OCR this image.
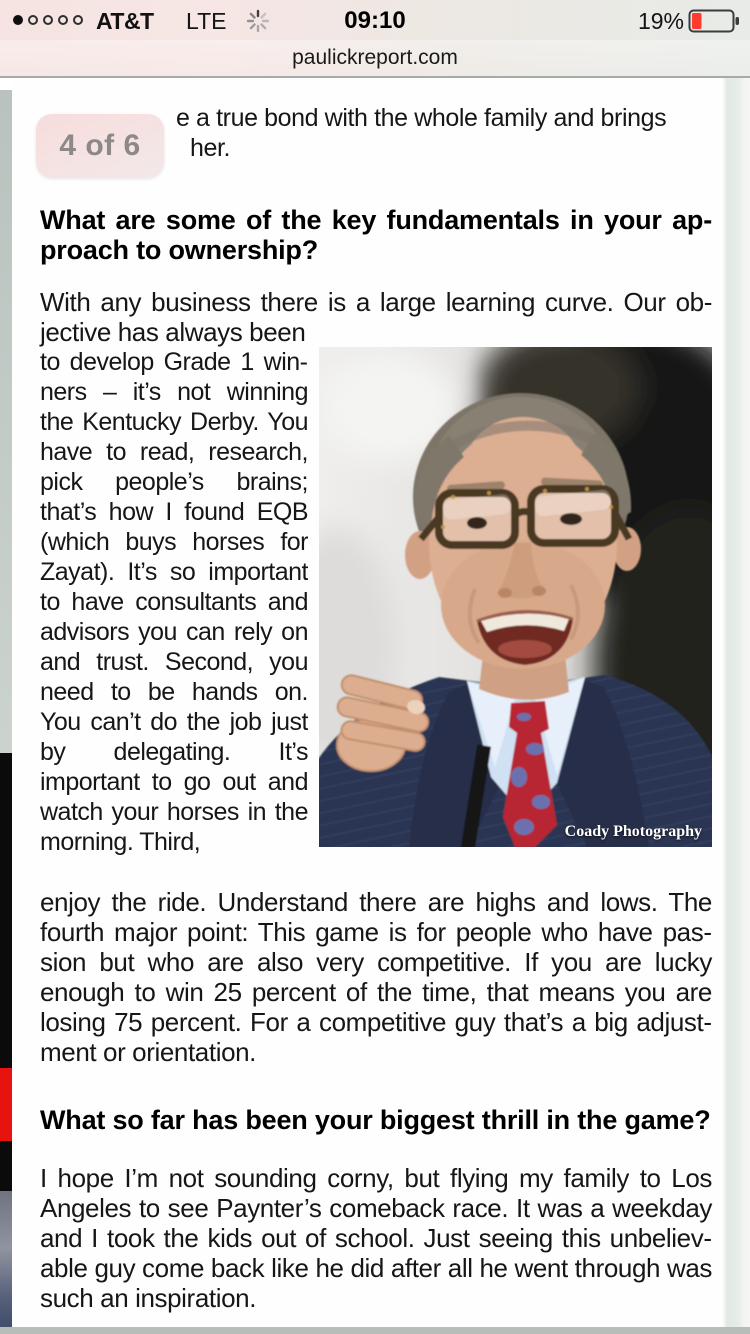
AT&T LTE	09:10	19%
paulickreport.com
e a true bond with the whole family and brings
her.
4 of 6
What are some of the key fundamentals in your ap-
proach to ownership?
With any business there is a large learning curve. Our ob-
jective has always been
to develop Grade 1 winners – it’s not winning the Kentucky Derby. You have to read, research, pick people’s brains; that’s how I found EQB (which buys horses for Zayat). It’s so important to have consultants and advisors you can rely on and trust. Second, you need to be hands on. You can’t do the job just by delegating. It’s important to go out and watch your horses in the morning. Third,	Coady Photography
enjoy the ride. Understand there are highs and lows. The fourth major point: This game is for people who have passion but who are also very competitive. If you are lucky enough to win 25 percent of the time, that means you are losing 75 percent. For a competitive guy that’s a big adjustment or orientation.
What so far has been your biggest thrill in the game?
I hope I’m not sounding corny, but flying my family to Los Angeles to see Paynter’s comeback race. It was a weekday and I took the kids out of school. Just seeing this unbelievable guy come back like he did after all he went through was such an inspiration.
